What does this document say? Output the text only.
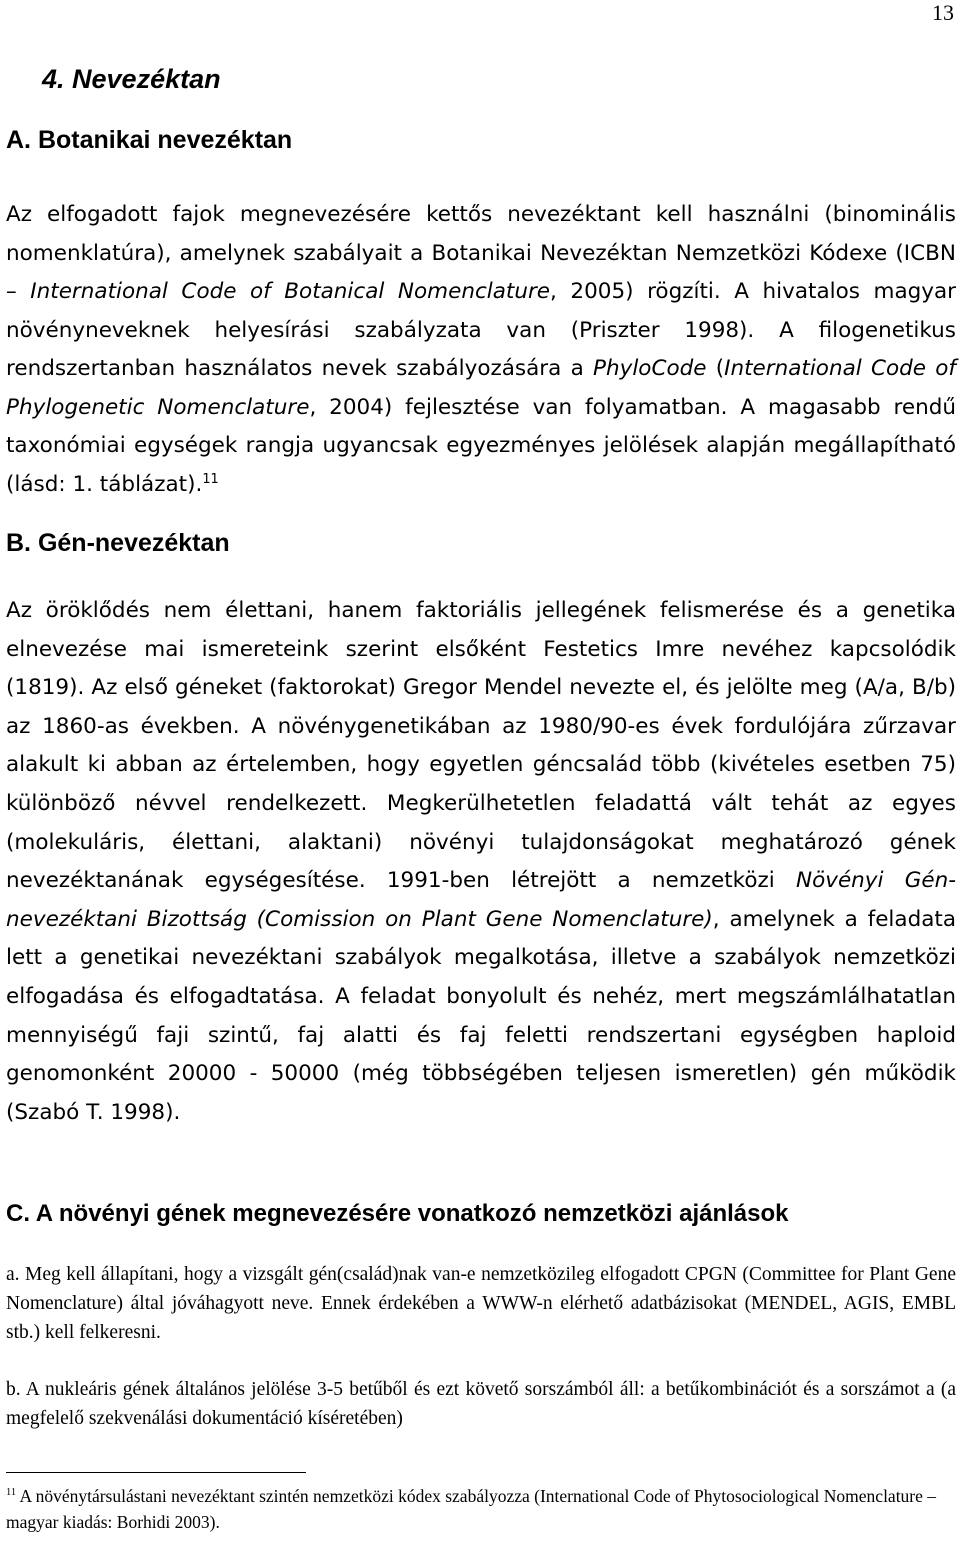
13
4. Nevezéktan
A. Botanikai nevezéktan
Az elfogadott fajok megnevezésére kettős nevezéktant kell használni (binominális nomenklatúra), amelynek szabályait a Botanikai Nevezéktan Nemzetközi Kódexe (ICBN – International Code of Botanical Nomenclature, 2005) rögzíti. A hivatalos magyar növényneveknek helyesírási szabályzata van (Priszter 1998). A filogenetikus rendszertanban használatos nevek szabályozására a PhyloCode (International Code of Phylogenetic Nomenclature, 2004) fejlesztése van folyamatban. A magasabb rendű taxonómiai egységek rangja ugyancsak egyezményes jelölések alapján megállapítható (lásd: 1. táblázat).$^{11}$
B. Gén-nevezéktan
Az öröklődés nem élettani, hanem faktoriális jellegének felismerése és a genetika elnevezése mai ismereteink szerint elsőként Festetics Imre nevéhez kapcsolódik (1819). Az első géneket (faktorokat) Gregor Mendel nevezte el, és jelölte meg (A/a, B/b) az 1860-as években. A növénygenetikában az 1980/90-es évek fordulójára zűrzavar alakult ki abban az értelemben, hogy egyetlen géncsalád több (kivételes esetben 75) különböző névvel rendelkezett. Megkerülhetetlen feladattá vált tehát az egyes (molekuláris, élettani, alaktani) növényi tulajdonságokat meghatározó gének nevezéktanának egységesítése. 1991-ben létrejött a nemzetközi Növényi Gén-nevezéktani Bizottság (Comission on Plant Gene Nomenclature), amelynek a feladata lett a genetikai nevezéktani szabályok megalkotása, illetve a szabályok nemzetközi elfogadása és elfogadtatása. A feladat bonyolult és nehéz, mert megszámlálhatatlan mennyiségű faji szintű, faj alatti és faj feletti rendszertani egységben haploid genomonként 20000 - 50000 (még többségében teljesen ismeretlen) gén működik (Szabó T. 1998).
C. A növényi gének megnevezésére vonatkozó nemzetközi ajánlások
a. Meg kell állapítani, hogy a vizsgált gén(család)nak van-e nemzetközileg elfogadott CPGN (Committee for Plant Gene Nomenclature) által jóváhagyott neve. Ennek érdekében a WWW-n elérhető adatbázisokat (MENDEL, AGIS, EMBL stb.) kell felkeresni.
b. A nukleáris gének általános jelölése 3-5 betűből és ezt követő sorszámból áll: a betűkombinációt és a sorszámot a (a megfelelő szekvenálási dokumentáció kíséretében)
$^{11}$ A növénytársulástani nevezéktant szintén nemzetközi kódex szabályozza (International Code of Phytosociological Nomenclature – magyar kiadás: Borhidi 2003).
